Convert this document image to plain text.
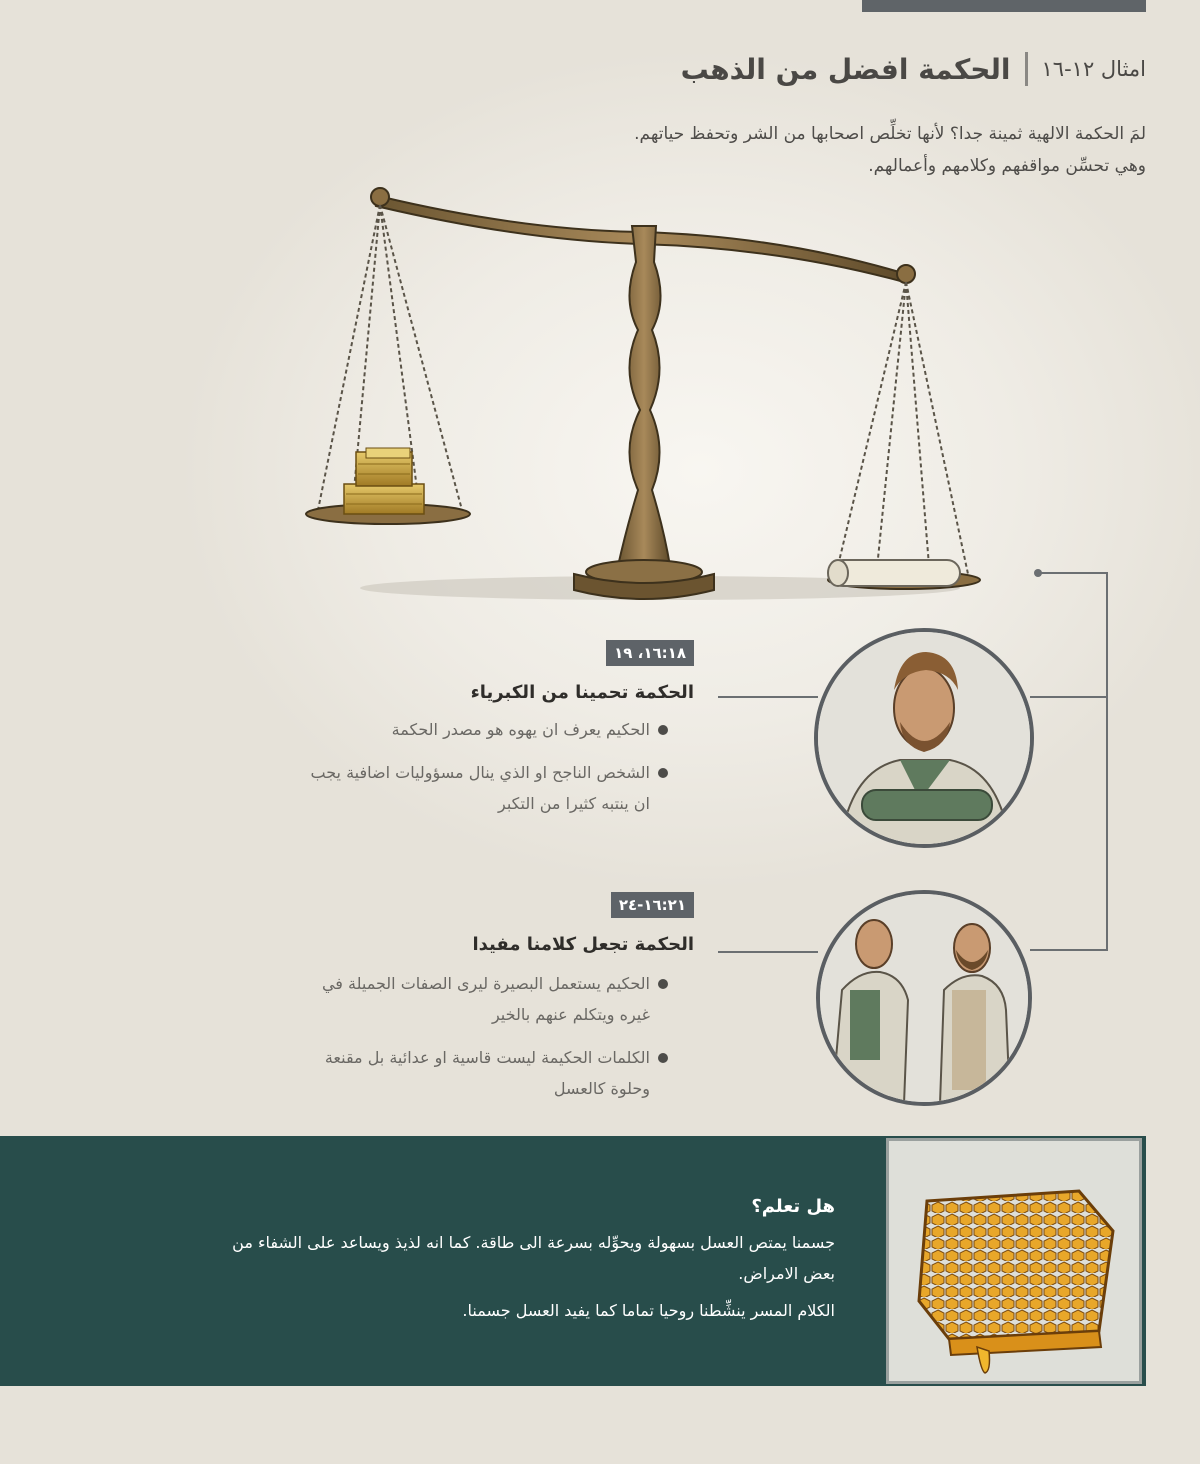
امثال ١٢-١٦
الحكمة افضل من الذهب

لمَ الحكمة الالهية ثمينة جدا؟ لأنها تخلِّص اصحابها من الشر وتحفظ حياتهم.

وهي تحسِّن مواقفهم وكلامهم وأعمالهم.

١٦:١٨، ١٩
الحكمة تحمينا من الكبرياء
الحكيم يعرف ان يهوه هو مصدر الحكمة
الشخص الناجح او الذي ينال مسؤوليات اضافية يجب ان ينتبه كثيرا من التكبر
١٦:٢١-٢٤
الحكمة تجعل كلامنا مفيدا
الحكيم يستعمل البصيرة ليرى الصفات الجميلة في غيره ويتكلم عنهم بالخير
الكلمات الحكيمة ليست قاسية او عدائية بل مقنعة وحلوة كالعسل
هل تعلم؟

جسمنا يمتص العسل بسهولة ويحوِّله بسرعة الى طاقة. كما انه لذيذ ويساعد على الشفاء من بعض الامراض.

الكلام المسر ينشِّطنا روحيا تماما كما يفيد العسل جسمنا.
